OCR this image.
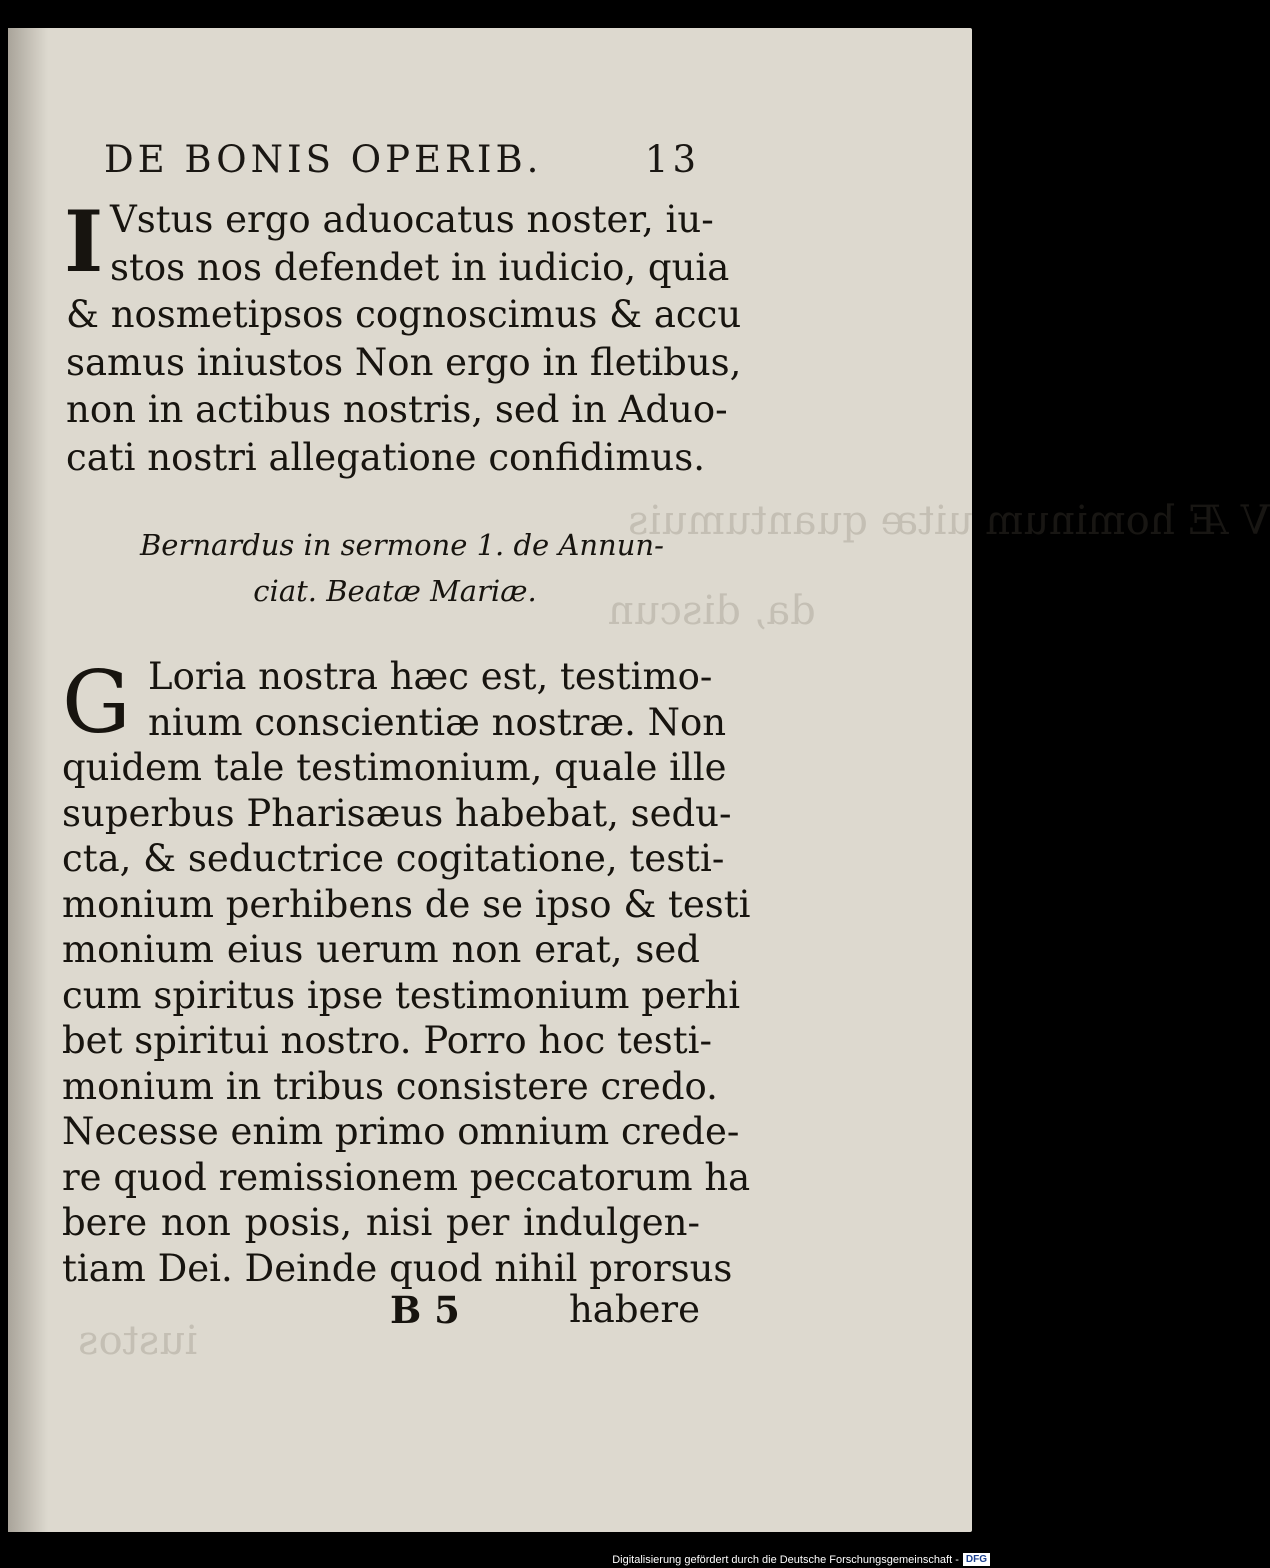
V Æ hominum uitæ quantumuis
da, discun
iustos
DE BONIS OPERIB.	13
I Vstus ergo aduocatus noster, iu-
stos nos defendet in iudicio, quia
& nosmetipsos cognoscimus & accu
samus iniustos Non ergo in fletibus,
non in actibus nostris, sed in Aduo-
cati nostri allegatione confidimus.
Bernardus in sermone 1. de Annun-
ciat. Beatæ Mariæ.
G Loria nostra hæc est, testimo-
nium conscientiæ nostræ. Non
quidem tale testimonium, quale ille
superbus Pharisæus habebat, sedu-
cta, & seductrice cogitatione, testi-
monium perhibens de se ipso & testi
monium eius uerum non erat, sed
cum spiritus ipse testimonium perhi
bet spiritui nostro. Porro hoc testi-
monium in tribus consistere credo.
Necesse enim primo omnium crede-
re quod remissionem peccatorum ha
bere non posis, nisi per indulgen-
tiam Dei. Deinde quod nihil prorsus
B 5	habere
Digitalisierung gefördert durch die Deutsche Forschungsgemeinschaft - DFG
